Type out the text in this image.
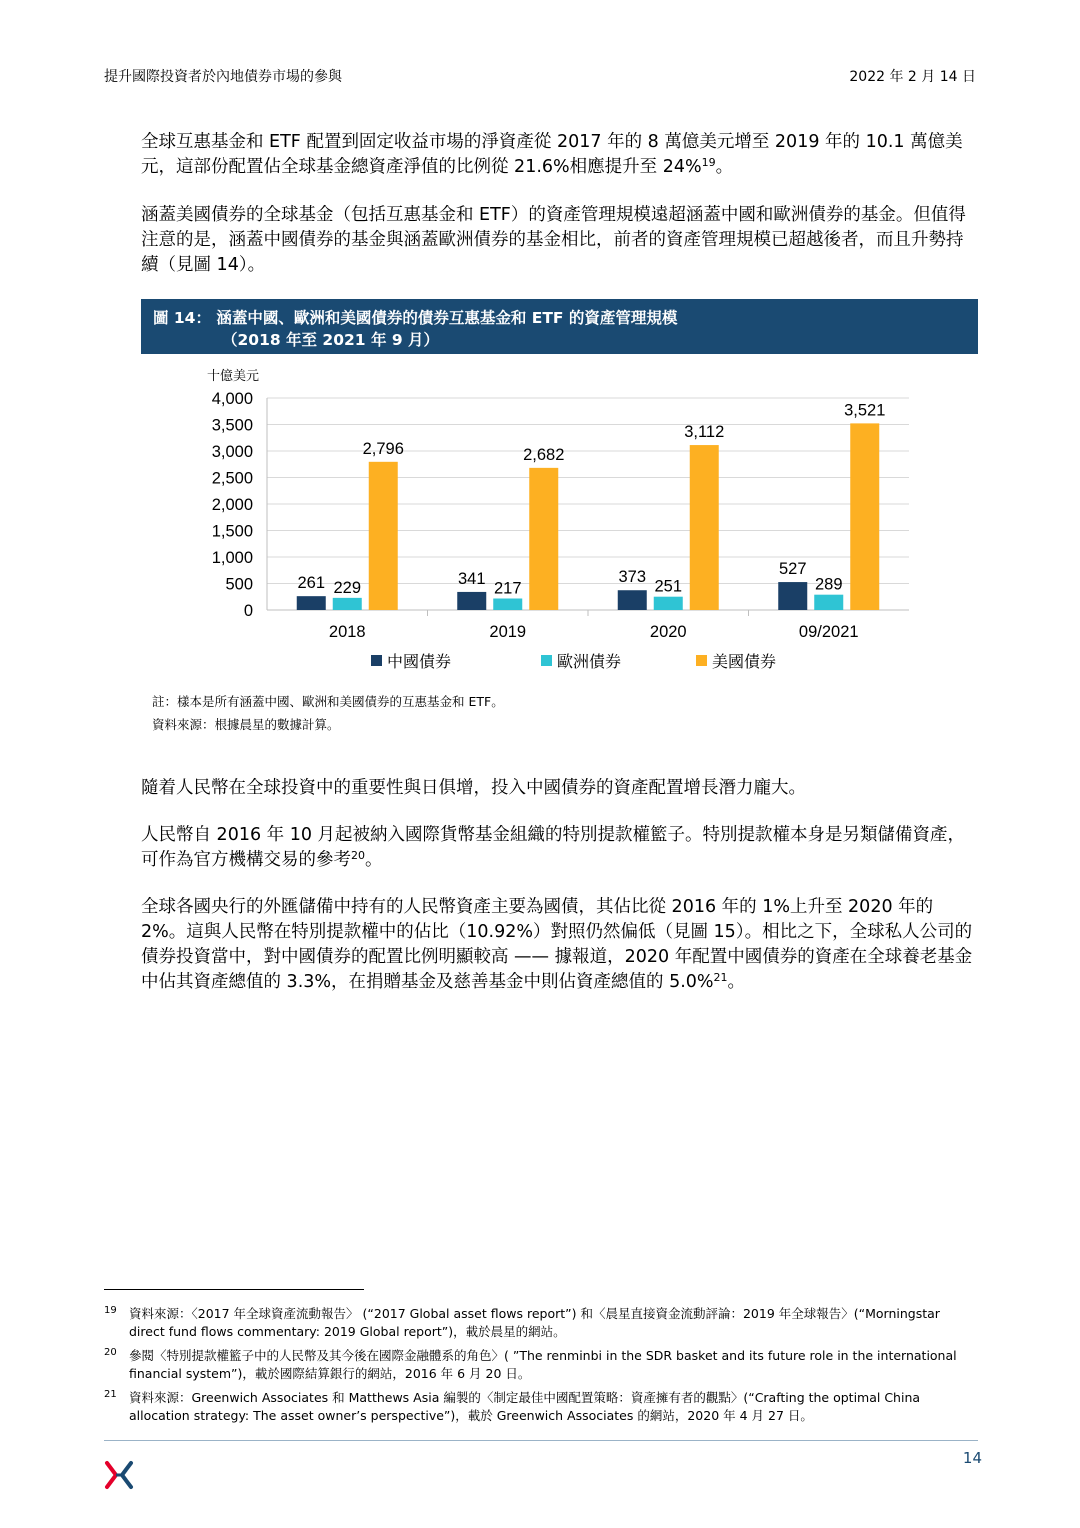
提升國際投資者於內地債券市場的參與	2022 年 2 月 14 日

全球互惠基金和 ETF 配置到固定收益市場的淨資產從 2017 年的 8 萬億美元增至 2019 年的 10.1 萬億美元，這部份配置佔全球基金總資產淨值的比例從 21.6%相應提升至 24%$^{19}$。

涵蓋美國債券的全球基金（包括互惠基金和 ETF）的資產管理規模遠超涵蓋中國和歐洲債券的基金。但值得注意的是，涵蓋中國債券的基金與涵蓋歐洲債券的基金相比，前者的資產管理規模已超越後者，而且升勢持續（見圖 14）。

圖 14： 涵蓋中國、歐洲和美國債券的債券互惠基金和 ETF 的資產管理規模
（2018 年至 2021 年 9 月）
十億美元
0
500
1,000
1,500
2,000
2,500
3,000
3,500
4,000
261 229
2,796
2018
341
217
2,682
2019
373
251
3,112
2020
527
289
3,521
09/2021
中國債券	歐洲債券	美國債券
註：樣本是所有涵蓋中國、歐洲和美國債券的互惠基金和 ETF。
資料來源：根據晨星的數據計算。

隨着人民幣在全球投資中的重要性與日俱增，投入中國債券的資產配置增長潛力龐大。

人民幣自 2016 年 10 月起被納入國際貨幣基金組織的特別提款權籃子。特別提款權本身是另類儲備資產，可作為官方機構交易的參考$^{20}$。

全球各國央行的外匯儲備中持有的人民幣資產主要為國債，其佔比從 2016 年的 1%上升至 2020 年的 2%。這與人民幣在特別提款權中的佔比（10.92%）對照仍然偏低（見圖 15）。相比之下，全球私人公司的債券投資當中，對中國債券的配置比例明顯較高 —— 據報道，2020 年配置中國債券的資產在全球養老基金中佔其資產總值的 3.3%，在捐贈基金及慈善基金中則佔資產總值的 5.0%$^{21}$。

19 資料來源：〈2017 年全球資產流動報告〉 (“2017 Global asset flows report”) 和〈晨星直接資金流動評論：2019 年全球報告〉(“Morningstar direct fund flows commentary: 2019 Global report”)，載於晨星的網站。
20 參閱〈特別提款權籃子中的人民幣及其今後在國際金融體系的角色〉( ”The renminbi in the SDR basket and its future role in the international financial system”)，載於國際結算銀行的網站，2016 年 6 月 20 日。
21 資料來源：Greenwich Associates 和 Matthews Asia 編製的〈制定最佳中國配置策略：資產擁有者的觀點〉(“Crafting the optimal China allocation strategy: The asset owner’s perspective”)，載於 Greenwich Associates 的網站，2020 年 4 月 27 日。
14
